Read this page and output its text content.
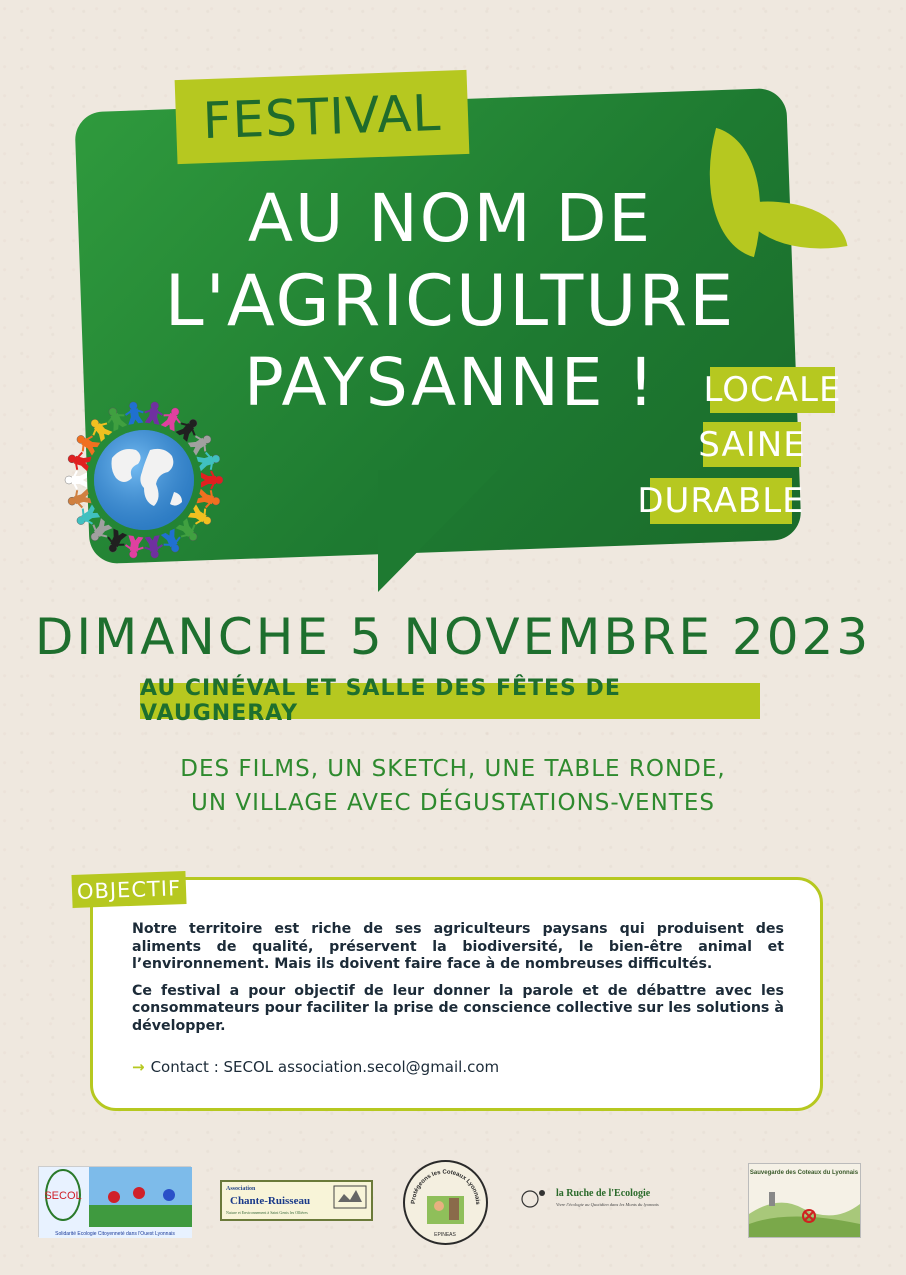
FESTIVAL
AU NOM DE
L'AGRICULTURE
PAYSANNE !	LOCALE
SAINE
DURABLE
DIMANCHE 5 NOVEMBRE 2023
AU CINÉVAL ET SALLE DES FÊTES DE VAUGNERAY
DES FILMS, UN SKETCH, UNE TABLE RONDE,
UN VILLAGE AVEC DÉGUSTATIONS-VENTES
OBJECTIF

Notre territoire est riche de ses agriculteurs paysans qui produisent des aliments de qualité, préservent la biodiversité, le bien-être animal et l’environnement. Mais ils doivent faire face à de nombreuses difficultés.

Ce festival a pour objectif de leur donner la parole et de débattre avec les consommateurs pour faciliter la prise de conscience collective sur les solutions à développer.

→ Contact : SECOL association.secol@gmail.com
SECOL
Solidarité Ecologie Citoyenneté dans l'Ouest Lyonnais
Association
Chante-Ruisseau
Nature et Environnement à Saint Genis les Ollières
Protégeons les Coteaux Lyonnais
EPINEAS
la Ruche de l'Ecologie
Vivre l'écologie au Quotidien dans les Monts du lyonnais
Sauvegarde des Coteaux du Lyonnais
